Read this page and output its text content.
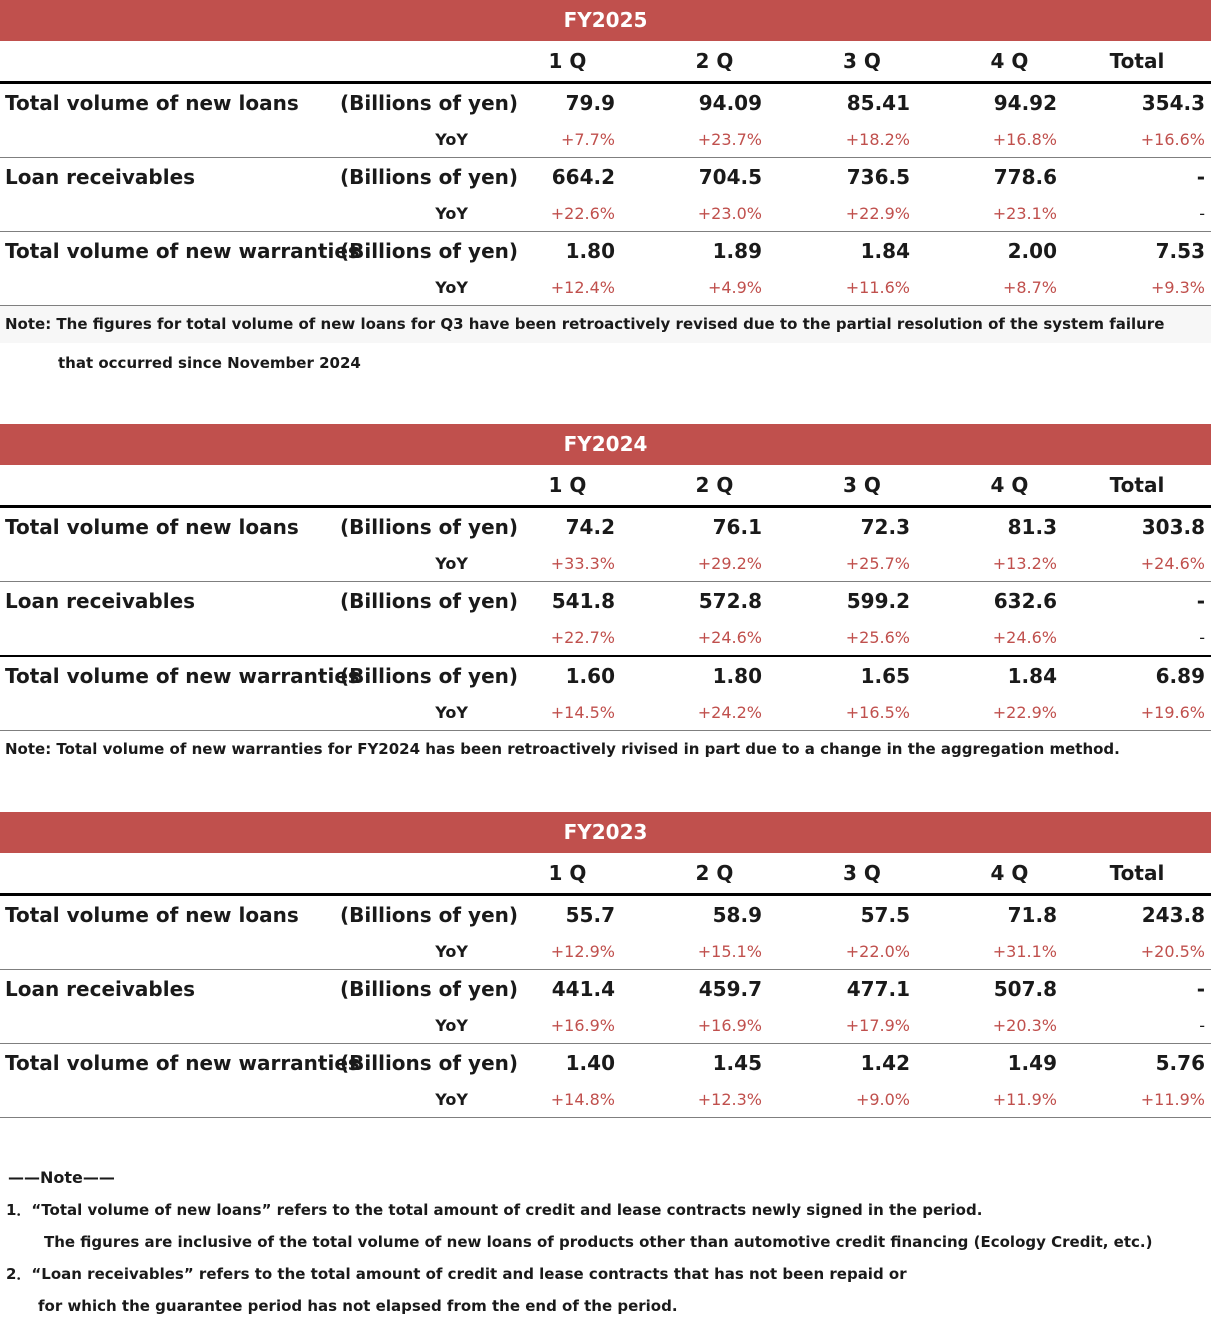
FY2025
		1 Q	2 Q	3 Q	4 Q	Total
Total volume of new loans	(Billions of yen)	79.9	94.09	85.41	94.92	354.3
	YoY	+7.7%	+23.7%	+18.2%	+16.8%	+16.6%
Loan receivables	(Billions of yen)	664.2	704.5	736.5	778.6	-
	YoY	+22.6%	+23.0%	+22.9%	+23.1%	-
Total volume of new warranties	(Billions of yen)	1.80	1.89	1.84	2.00	7.53
	YoY	+12.4%	+4.9%	+11.6%	+8.7%	+9.3%
Note: The figures for total volume of new loans for Q3 have been retroactively revised due to the partial resolution of the system failure
that occurred since November 2024
FY2024
		1 Q	2 Q	3 Q	4 Q	Total
Total volume of new loans	(Billions of yen)	74.2	76.1	72.3	81.3	303.8
	YoY	+33.3%	+29.2%	+25.7%	+13.2%	+24.6%
Loan receivables	(Billions of yen)	541.8	572.8	599.2	632.6	-
		+22.7%	+24.6%	+25.6%	+24.6%	-
Total volume of new warranties	(Billions of yen)	1.60	1.80	1.65	1.84	6.89
	YoY	+14.5%	+24.2%	+16.5%	+22.9%	+19.6%
Note: Total volume of new warranties for FY2024 has been retroactively rivised in part due to a change in the aggregation method.
FY2023
		1 Q	2 Q	3 Q	4 Q	Total
Total volume of new loans	(Billions of yen)	55.7	58.9	57.5	71.8	243.8
	YoY	+12.9%	+15.1%	+22.0%	+31.1%	+20.5%
Loan receivables	(Billions of yen)	441.4	459.7	477.1	507.8	-
	YoY	+16.9%	+16.9%	+17.9%	+20.3%	-
Total volume of new warranties	(Billions of yen)	1.40	1.45	1.42	1.49	5.76
	YoY	+14.8%	+12.3%	+9.0%	+11.9%	+11.9%
——Note——
1．“Total volume of new loans” refers to the total amount of credit and lease contracts newly signed in the period.
The figures are inclusive of the total volume of new loans of products other than automotive credit financing (Ecology Credit, etc.)
2．“Loan receivables” refers to the total amount of credit and lease contracts that has not been repaid or
for which the guarantee period has not elapsed from the end of the period.
